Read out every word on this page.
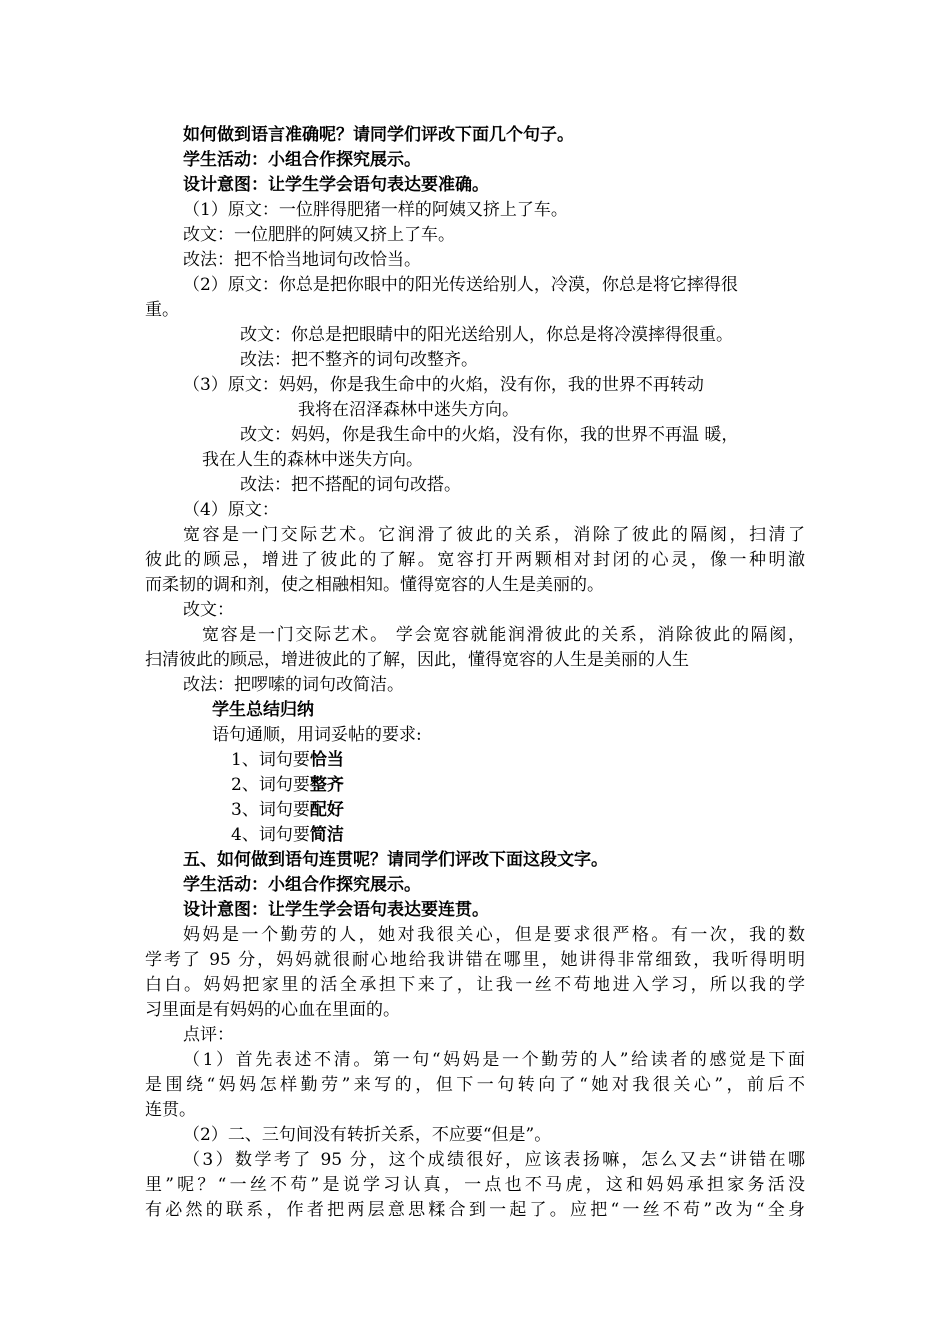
如何做到语言准确呢？请同学们评改下面几个句子。
学生活动：小组合作探究展示。
设计意图：让学生学会语句表达要准确。
（1）原文：一位胖得肥猪一样的阿姨又挤上了车。
改文：一位肥胖的阿姨又挤上了车。
改法：把不恰当地词句改恰当。
（2）原文：你总是把你眼中的阳光传送给别人，冷漠，你总是将它摔得很
重。
改文：你总是把眼睛中的阳光送给别人，你总是将冷漠摔得很重。
改法：把不整齐的词句改整齐。
（3）原文：妈妈，你是我生命中的火焰，没有你，我的世界不再转动
我将在沼泽森林中迷失方向。
改文：妈妈，你是我生命中的火焰，没有你，我的世界不再温 暖，
我在人生的森林中迷失方向。
改法：把不搭配的词句改搭。
（4）原文：
宽容是一门交际艺术。它润滑了彼此的关系，消除了彼此的隔阂，扫清了
彼此的顾忌，增进了彼此的了解。宽容打开两颗相对封闭的心灵，像一种明澈
而柔韧的调和剂，使之相融相知。懂得宽容的人生是美丽的。
改文：
宽容是一门交际艺术。 学会宽容就能润滑彼此的关系，消除彼此的隔阂，
扫清彼此的顾忌，增进彼此的了解，因此，懂得宽容的人生是美丽的人生
改法：把啰嗦的词句改简洁。
学生总结归纳
语句通顺，用词妥帖的要求:
1、词句要恰当
2、词句要整齐
3、词句要配好
4、词句要简洁
五、如何做到语句连贯呢？请同学们评改下面这段文字。
学生活动：小组合作探究展示。
设计意图：让学生学会语句表达要连贯。
妈妈是一个勤劳的人，她对我很关心，但是要求很严格。有一次，我的数
学考了 95 分，妈妈就很耐心地给我讲错在哪里，她讲得非常细致，我听得明明
白白。妈妈把家里的活全承担下来了，让我一丝不苟地进入学习，所以我的学
习里面是有妈妈的心血在里面的。
点评：
（1）首先表述不清。第一句“妈妈是一个勤劳的人”给读者的感觉是下面
是围绕“妈妈怎样勤劳”来写的，但下一句转向了“她对我很关心”，前后不
连贯。
（2）二、三句间没有转折关系，不应要“但是”。
（3）数学考了 95 分，这个成绩很好，应该表扬嘛，怎么又去“讲错在哪
里”呢？“一丝不苟”是说学习认真，一点也不马虎，这和妈妈承担家务活没
有必然的联系，作者把两层意思糅合到一起了。应把“一丝不苟”改为“全身
